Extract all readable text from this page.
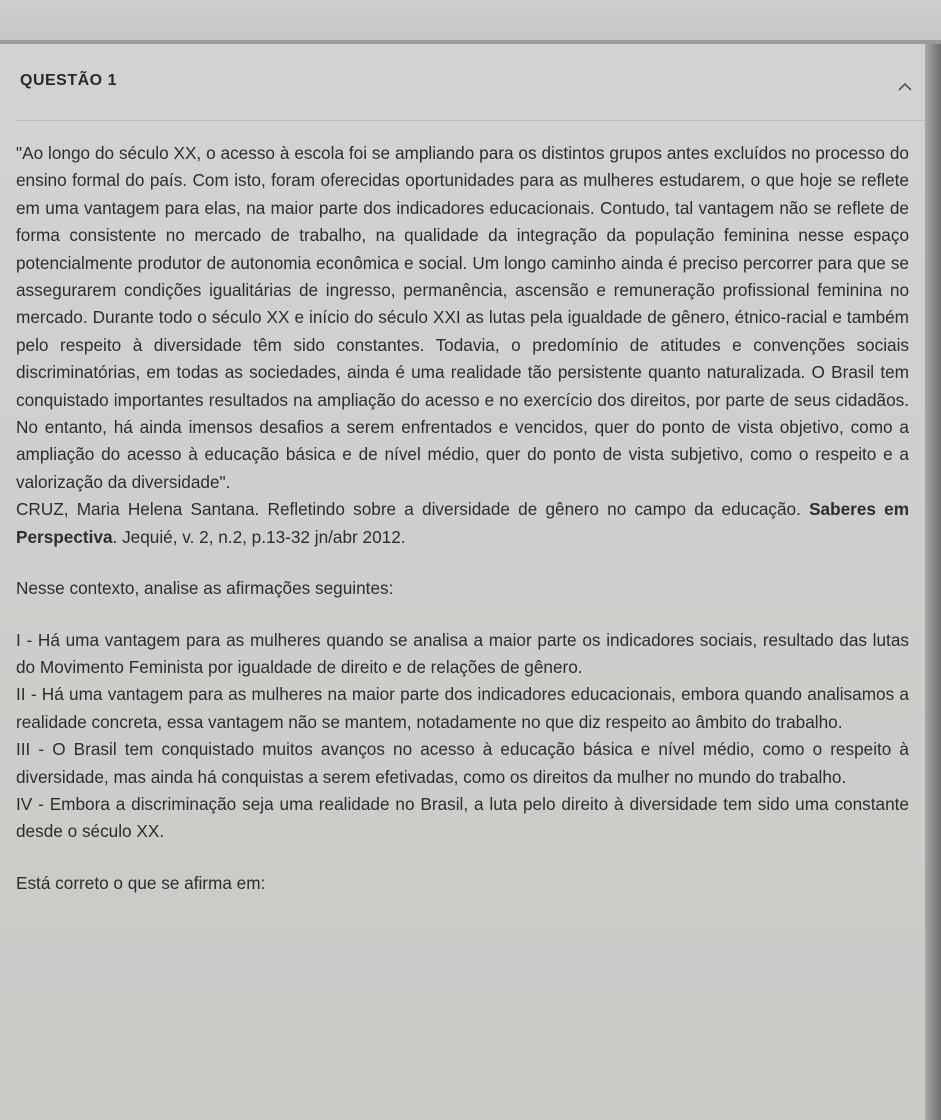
QUESTÃO 1

"Ao longo do século XX, o acesso à escola foi se ampliando para os distintos grupos antes excluídos no processo do ensino formal do país. Com isto, foram oferecidas oportunidades para as mulheres estudarem, o que hoje se reflete em uma vantagem para elas, na maior parte dos indicadores educacionais. Contudo, tal vantagem não se reflete de forma consistente no mercado de trabalho, na qualidade da integração da população feminina nesse espaço potencialmente produtor de autonomia econômica e social. Um longo caminho ainda é preciso percorrer para que se assegurarem condições igualitárias de ingresso, permanência, ascensão e remuneração profissional feminina no mercado. Durante todo o século XX e início do século XXI as lutas pela igualdade de gênero, étnico-racial e também pelo respeito à diversidade têm sido constantes. Todavia, o predomínio de atitudes e convenções sociais discriminatórias, em todas as sociedades, ainda é uma realidade tão persistente quanto naturalizada. O Brasil tem conquistado importantes resultados na ampliação do acesso e no exercício dos direitos, por parte de seus cidadãos. No entanto, há ainda imensos desafios a serem enfrentados e vencidos, quer do ponto de vista objetivo, como a ampliação do acesso à educação básica e de nível médio, quer do ponto de vista subjetivo, como o respeito e a valorização da diversidade".

CRUZ, Maria Helena Santana. Refletindo sobre a diversidade de gênero no campo da educação. Saberes em Perspectiva. Jequié, v. 2, n.2, p.13-32 jn/abr 2012.

Nesse contexto, analise as afirmações seguintes:

I - Há uma vantagem para as mulheres quando se analisa a maior parte os indicadores sociais, resultado das lutas do Movimento Feminista por igualdade de direito e de relações de gênero.

II - Há uma vantagem para as mulheres na maior parte dos indicadores educacionais, embora quando analisamos a realidade concreta, essa vantagem não se mantem, notadamente no que diz respeito ao âmbito do trabalho.

III - O Brasil tem conquistado muitos avanços no acesso à educação básica e nível médio, como o respeito à diversidade, mas ainda há conquistas a serem efetivadas, como os direitos da mulher no mundo do trabalho.

IV - Embora a discriminação seja uma realidade no Brasil, a luta pelo direito à diversidade tem sido uma constante desde o século XX.

Está correto o que se afirma em:
